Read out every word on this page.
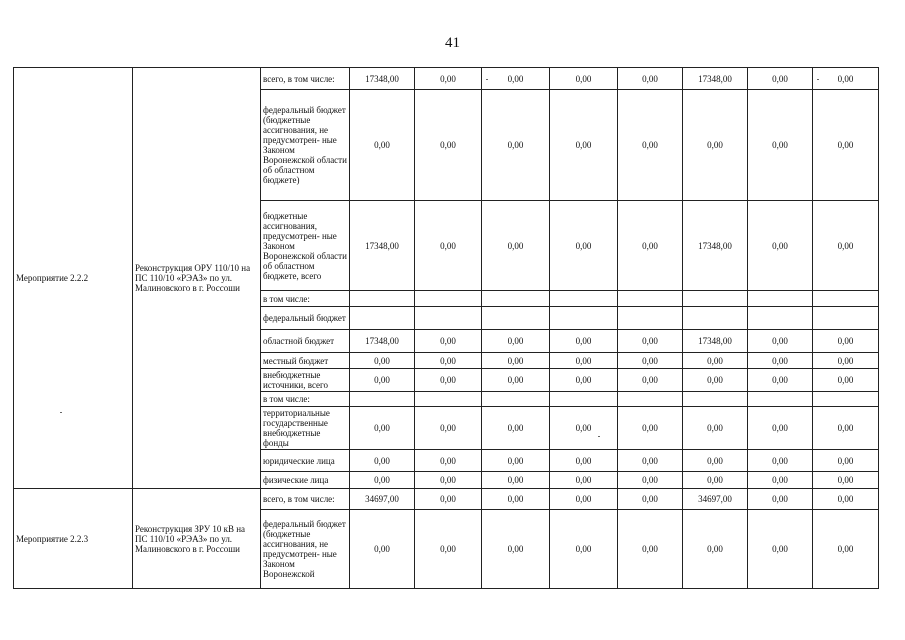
41
Мероприятие 2.2.2	Реконструкция ОРУ 110/10 на ПС 110/10 «РЭАЗ» по ул. Малиновского в г. Россоши	всего, в том числе:	17348,00	0,00	0,00	0,00	0,00	17348,00	0,00	0,00
		федеральный бюджет (бюджетные ассигнования, не предусмотрен- ные Законом Воронежской области об областном бюджете)	0,00	0,00	0,00	0,00	0,00	0,00	0,00	0,00
		бюджетные ассигнования, предусмотрен- ные Законом Воронежской области об областном бюджете, всего	17348,00	0,00	0,00	0,00	0,00	17348,00	0,00	0,00
		в том числе:								
		федеральный бюджет								
		областной бюджет	17348,00	0,00	0,00	0,00	0,00	17348,00	0,00	0,00
		местный бюджет	0,00	0,00	0,00	0,00	0,00	0,00	0,00	0,00
		внебюджетные источники, всего	0,00	0,00	0,00	0,00	0,00	0,00	0,00	0,00
		в том числе:								
		территориальные государственные внебюджетные фонды	0,00	0,00	0,00	0,00	0,00	0,00	0,00	0,00
		юридические лица	0,00	0,00	0,00	0,00	0,00	0,00	0,00	0,00
		физические лица	0,00	0,00	0,00	0,00	0,00	0,00	0,00	0,00
Мероприятие 2.2.3	Реконструкция ЗРУ 10 кВ на ПС 110/10 «РЭАЗ» по ул. Малиновского в г. Россоши	всего, в том числе:	34697,00	0,00	0,00	0,00	0,00	34697,00	0,00	0,00
		федеральный бюджет (бюджетные ассигнования, не предусмотрен- ные Законом Воронежской	0,00	0,00	0,00	0,00	0,00	0,00	0,00	0,00
